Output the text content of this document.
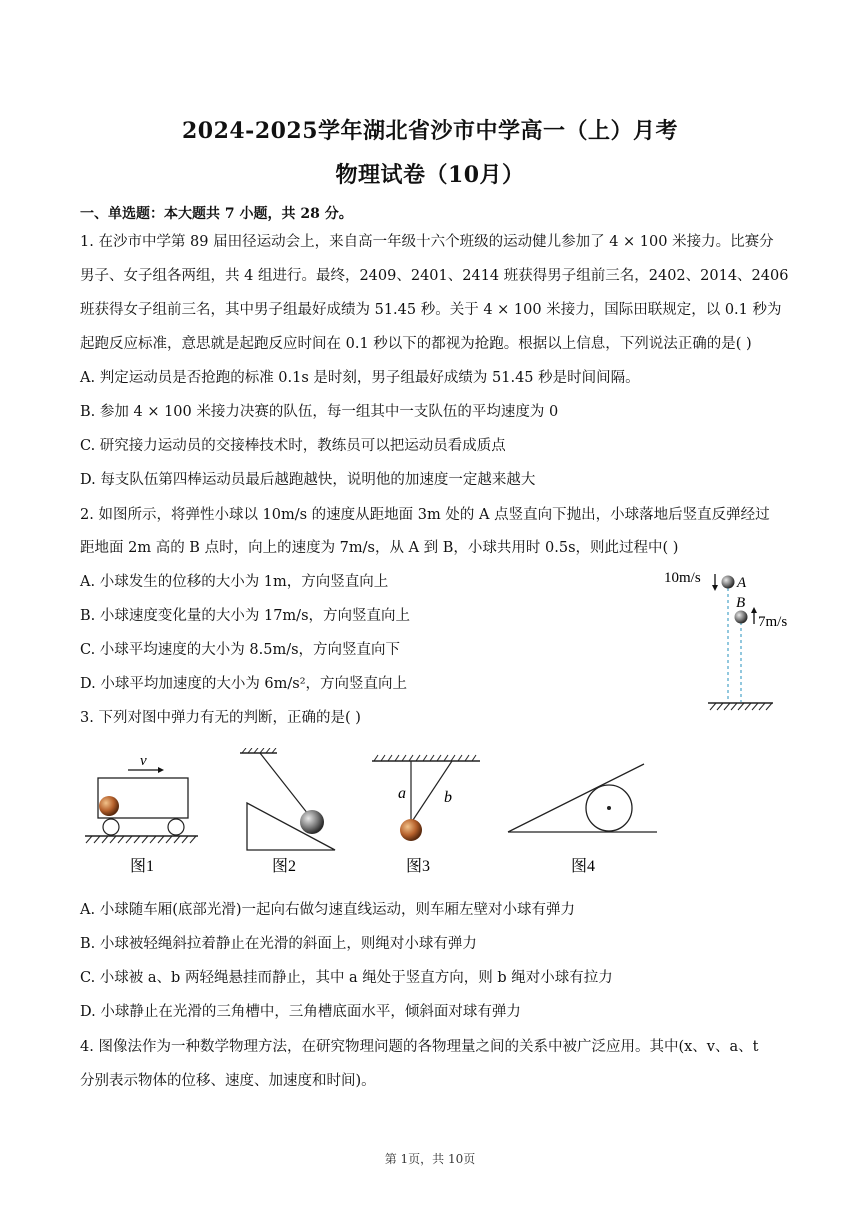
2024-2025学年湖北省沙市中学高一（上）月考
物理试卷（10月）
一、单选题：本大题共 7 小题，共 28 分。
1. 在沙市中学第 89 届田径运动会上，来自高一年级十六个班级的运动健儿参加了 4 × 100 米接力。比赛分
男子、女子组各两组，共 4 组进行。最终，2409、2401、2414 班获得男子组前三名，2402、2014、2406
班获得女子组前三名，其中男子组最好成绩为 51.45 秒。关于 4 × 100 米接力，国际田联规定，以 0.1 秒为
起跑反应标准，意思就是起跑反应时间在 0.1 秒以下的都视为抢跑。根据以上信息，下列说法正确的是( )
A. 判定运动员是否抢跑的标准 0.1s 是时刻，男子组最好成绩为 51.45 秒是时间间隔。
B. 参加 4 × 100 米接力决赛的队伍，每一组其中一支队伍的平均速度为 0
C. 研究接力运动员的交接棒技术时，教练员可以把运动员看成质点
D. 每支队伍第四棒运动员最后越跑越快，说明他的加速度一定越来越大
2. 如图所示，将弹性小球以 10m/s 的速度从距地面 3m 处的 A 点竖直向下抛出，小球落地后竖直反弹经过
距地面 2m 高的 B 点时，向上的速度为 7m/s，从 A 到 B，小球共用时 0.5s，则此过程中( )
A. 小球发生的位移的大小为 1m，方向竖直向上
B. 小球速度变化量的大小为 17m/s，方向竖直向上
C. 小球平均速度的大小为 8.5m/s，方向竖直向下
D. 小球平均加速度的大小为 6m/s²，方向竖直向上
10m/s A
B
7m/s
3. 下列对图中弹力有无的判断，正确的是( )
v
图1	图2
a b
图3	图4
A. 小球随车厢(底部光滑)一起向右做匀速直线运动，则车厢左壁对小球有弹力
B. 小球被轻绳斜拉着静止在光滑的斜面上，则绳对小球有弹力
C. 小球被 a、b 两轻绳悬挂而静止，其中 a 绳处于竖直方向，则 b 绳对小球有拉力
D. 小球静止在光滑的三角槽中，三角槽底面水平，倾斜面对球有弹力
4. 图像法作为一种数学物理方法，在研究物理问题的各物理量之间的关系中被广泛应用。其中(x、v、a、t
分别表示物体的位移、速度、加速度和时间)。
第 1页，共 10页
